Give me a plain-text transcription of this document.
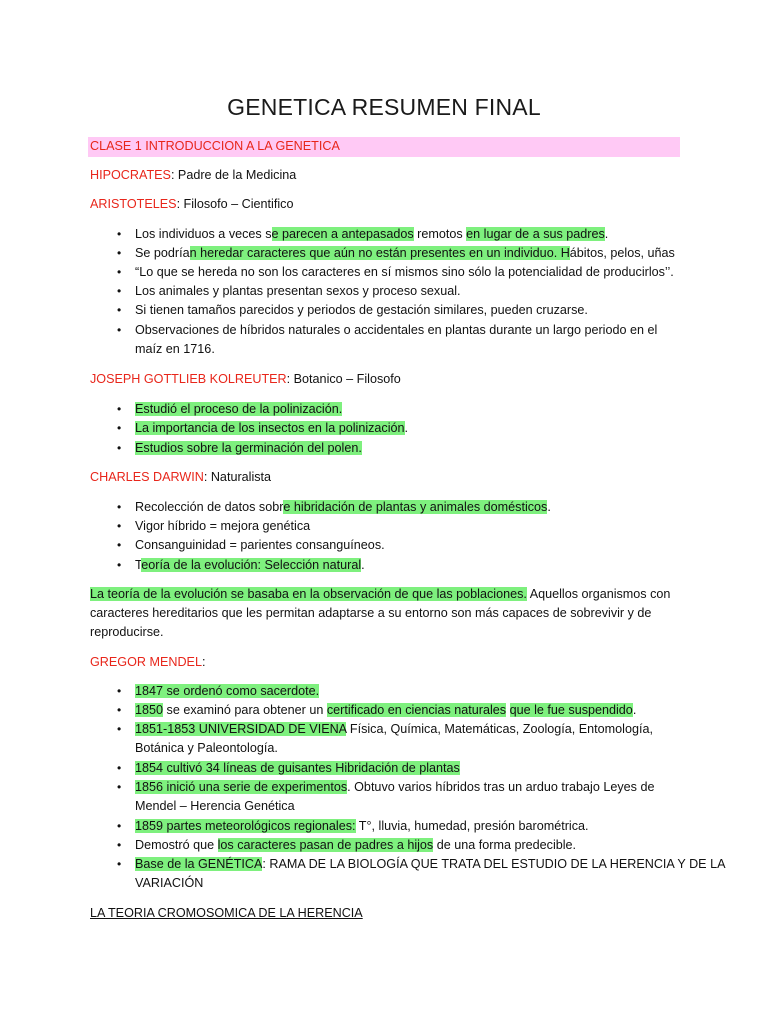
GENETICA RESUMEN FINAL
CLASE 1 INTRODUCCION A LA GENETICA
HIPOCRATES: Padre de la Medicina
ARISTOTELES: Filosofo – Cientifico
• Los individuos a veces se parecen a antepasados remotos en lugar de a sus padres.
• Se podrían heredar caracteres que aún no están presentes en un individuo. Hábitos, pelos, uñas
• “Lo que se hereda no son los caracteres en sí mismos sino sólo la potencialidad de producirlos’’.
• Los animales y plantas presentan sexos y proceso sexual.
• Si tienen tamaños parecidos y periodos de gestación similares, pueden cruzarse.
• Observaciones de híbridos naturales o accidentales en plantas durante un largo periodo en el
maíz en 1716.
JOSEPH GOTTLIEB KOLREUTER: Botanico – Filosofo
• Estudió el proceso de la polinización.
• La importancia de los insectos en la polinización.
• Estudios sobre la germinación del polen.
CHARLES DARWIN: Naturalista
• Recolección de datos sobre hibridación de plantas y animales domésticos.
• Vigor híbrido = mejora genética
• Consanguinidad = parientes consanguíneos.
• Teoría de la evolución: Selección natural.
La teoría de la evolución se basaba en la observación de que las poblaciones. Aquellos organismos con
caracteres hereditarios que les permitan adaptarse a su entorno son más capaces de sobrevivir y de
reproducirse.
GREGOR MENDEL:
• 1847 se ordenó como sacerdote.
• 1850 se examinó para obtener un certificado en ciencias naturales que le fue suspendido.
• 1851-1853 UNIVERSIDAD DE VIENA Física, Química, Matemáticas, Zoología, Entomología,
Botánica y Paleontología.
• 1854 cultivó 34 líneas de guisantes Hibridación de plantas
• 1856 inició una serie de experimentos. Obtuvo varios híbridos tras un arduo trabajo Leyes de
Mendel – Herencia Genética
• 1859 partes meteorológicos regionales: T°, lluvia, humedad, presión barométrica.
• Demostró que los caracteres pasan de padres a hijos de una forma predecible.
• Base de la GENÉTICA: RAMA DE LA BIOLOGÍA QUE TRATA DEL ESTUDIO DE LA HERENCIA Y DE LA
VARIACIÓN
LA TEORIA CROMOSOMICA DE LA HERENCIA
